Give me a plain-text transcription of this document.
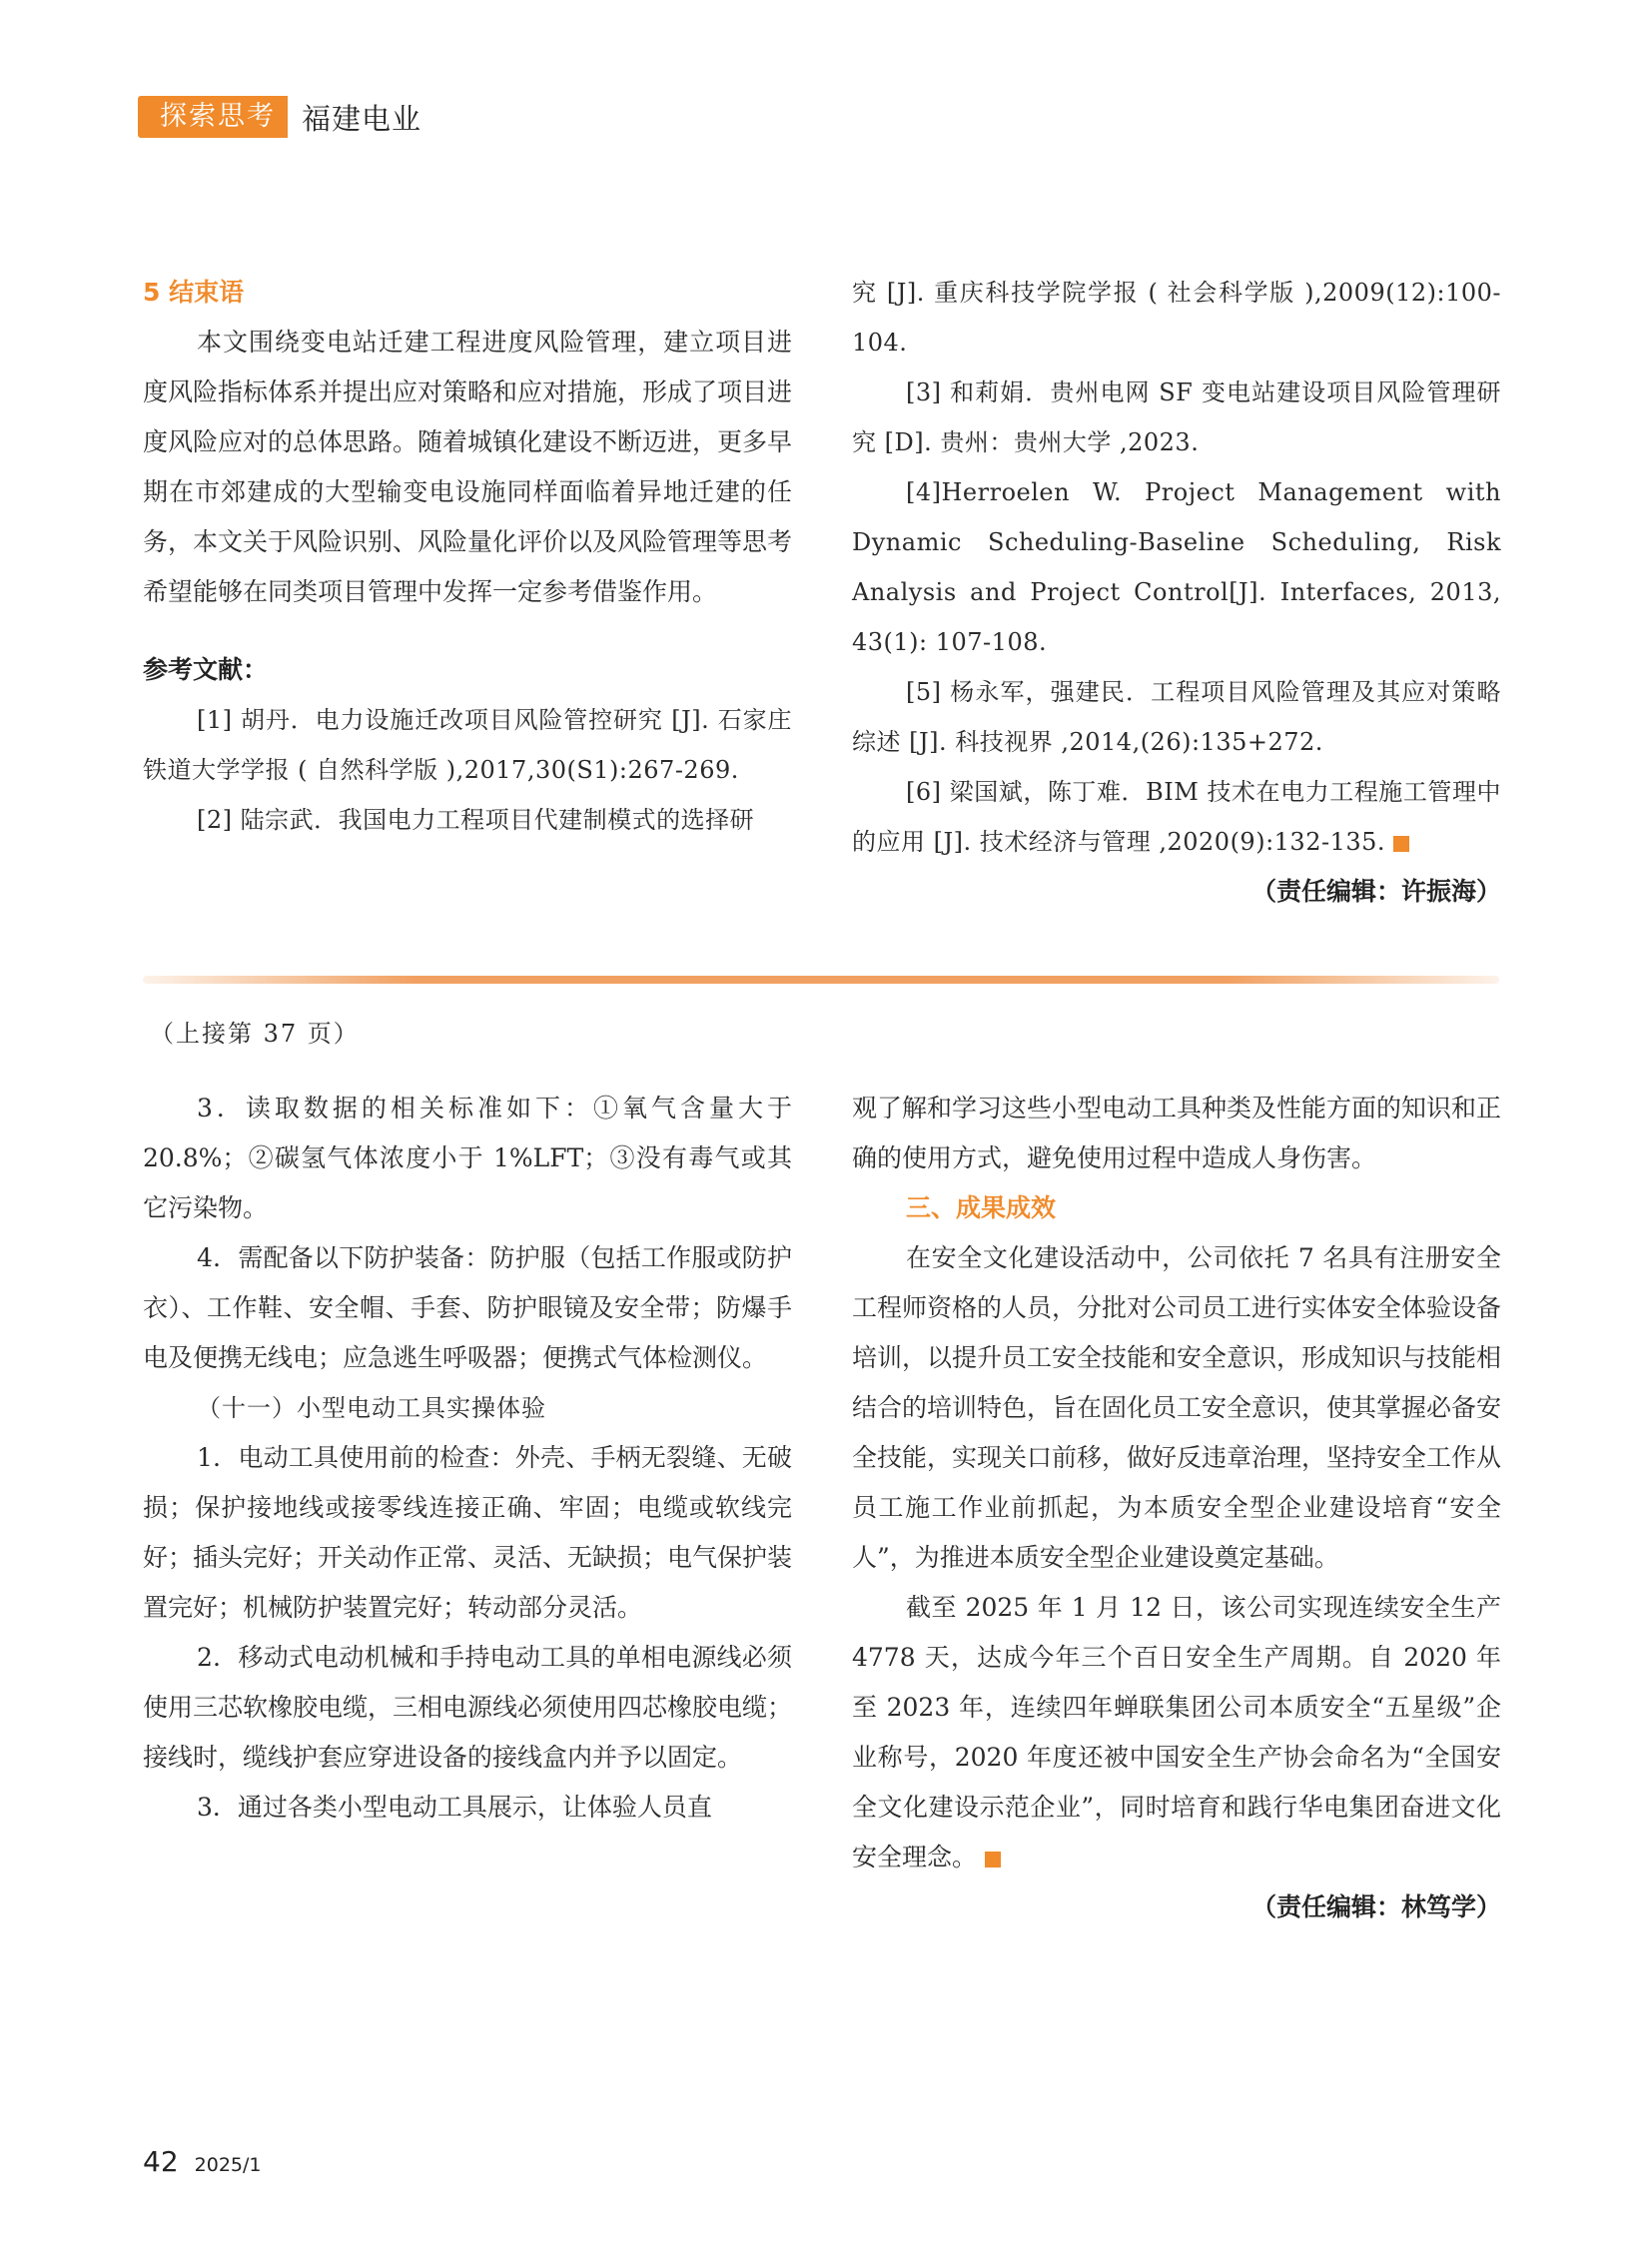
探索思考 福建电业

5 结束语

本文围绕变电站迁建工程进度风险管理，建立项目进度风险指标体系并提出应对策略和应对措施，形成了项目进度风险应对的总体思路。随着城镇化建设不断迈进，更多早期在市郊建成的大型输变电设施同样面临着异地迁建的任务，本文关于风险识别、风险量化评价以及风险管理等思考希望能够在同类项目管理中发挥一定参考借鉴作用。

参考文献：

[1] 胡丹．电力设施迁改项目风险管控研究 [J]. 石家庄铁道大学学报 ( 自然科学版 ),2017,30(S1):267-269.

[2] 陆宗武．我国电力工程项目代建制模式的选择研

究 [J]. 重庆科技学院学报 ( 社会科学版 ),2009(12):100-104.

[3] 和莉娟．贵州电网 SF 变电站建设项目风险管理研究 [D]. 贵州：贵州大学 ,2023.

[4]Herroelen W. Project Management with Dynamic Scheduling-Baseline Scheduling, Risk Analysis and Project Control[J]. Interfaces, 2013, 43(1): 107-108.

[5] 杨永军，强建民．工程项目风险管理及其应对策略综述 [J]. 科技视界 ,2014,(26):135+272.

[6] 梁国斌，陈丁难．BIM 技术在电力工程施工管理中的应用 [J]. 技术经济与管理 ,2020(9):132-135.

（责任编辑：许振海）

（上接第 37 页）

3．读取数据的相关标准如下：①氧气含量大于 20.8%；②碳氢气体浓度小于 1%LFT；③没有毒气或其它污染物。

4．需配备以下防护装备：防护服（包括工作服或防护衣）、工作鞋、安全帽、手套、防护眼镜及安全带；防爆手电及便携无线电；应急逃生呼吸器；便携式气体检测仪。

（十一）小型电动工具实操体验

1．电动工具使用前的检查：外壳、手柄无裂缝、无破损；保护接地线或接零线连接正确、牢固；电缆或软线完好；插头完好；开关动作正常、灵活、无缺损；电气保护装置完好；机械防护装置完好；转动部分灵活。

2．移动式电动机械和手持电动工具的单相电源线必须使用三芯软橡胶电缆，三相电源线必须使用四芯橡胶电缆；接线时，缆线护套应穿进设备的接线盒内并予以固定。

3．通过各类小型电动工具展示，让体验人员直

观了解和学习这些小型电动工具种类及性能方面的知识和正确的使用方式，避免使用过程中造成人身伤害。

三、成果成效

在安全文化建设活动中，公司依托 7 名具有注册安全工程师资格的人员，分批对公司员工进行实体安全体验设备培训，以提升员工安全技能和安全意识，形成知识与技能相结合的培训特色，旨在固化员工安全意识，使其掌握必备安全技能，实现关口前移，做好反违章治理，坚持安全工作从员工施工作业前抓起，为本质安全型企业建设培育“安全人”，为推进本质安全型企业建设奠定基础。

截至 2025 年 1 月 12 日，该公司实现连续安全生产 4778 天，达成今年三个百日安全生产周期。自 2020 年至 2023 年，连续四年蝉联集团公司本质安全“五星级”企业称号，2020 年度还被中国安全生产协会命名为“全国安全文化建设示范企业”，同时培育和践行华电集团奋进文化安全理念。

（责任编辑：林笃学）

42 2025/1
